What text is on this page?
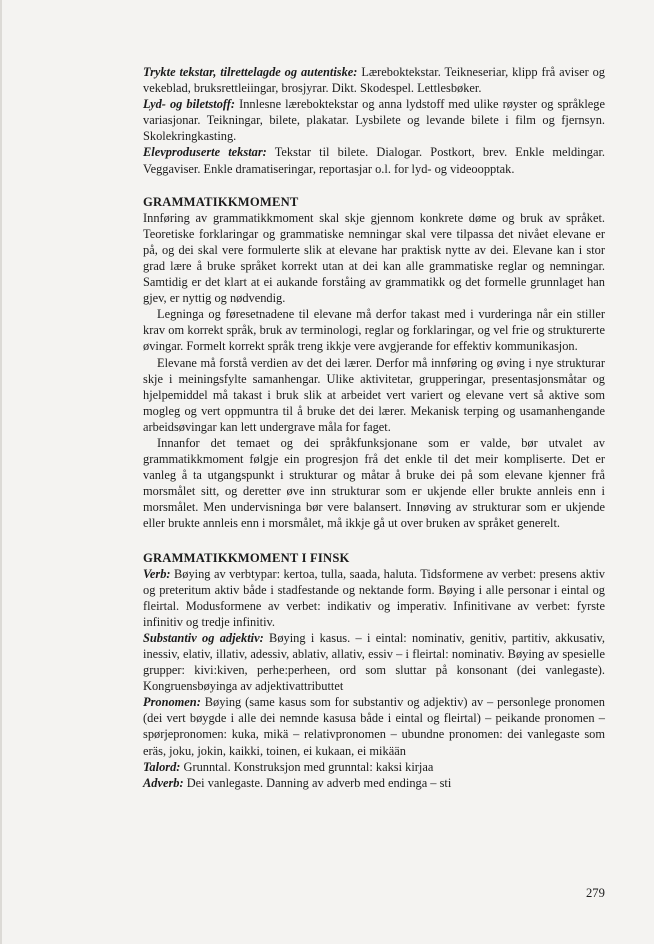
Trykte tekstar, tilrettelagde og autentiske: Læreboktekstar. Teikneseriar, klipp frå aviser og vekeblad, bruksrettleiingar, brosjyrar. Dikt. Skodespel. Lettlesbøker.

Lyd- og biletstoff: Innlesne læreboktekstar og anna lydstoff med ulike røyster og språklege variasjonar. Teikningar, bilete, plakatar. Lysbilete og levande bilete i film og fjernsyn. Skolekringkasting.

Elevproduserte tekstar: Tekstar til bilete. Dialogar. Postkort, brev. Enkle meldingar. Veggaviser. Enkle dramatiseringar, reportasjar o.l. for lyd- og videoopptak.

GRAMMATIKKMOMENT

Innføring av grammatikkmoment skal skje gjennom konkrete døme og bruk av språket. Teoretiske forklaringar og grammatiske nemningar skal vere tilpassa det nivået elevane er på, og dei skal vere formulerte slik at elevane har praktisk nytte av dei. Elevane kan i stor grad lære å bruke språket korrekt utan at dei kan alle grammatiske reglar og nemningar. Samtidig er det klart at ei aukande forståing av grammatikk og det formelle grunnlaget han gjev, er nyttig og nødvendig.

Legninga og føresetnadene til elevane må derfor takast med i vurderinga når ein stiller krav om korrekt språk, bruk av terminologi, reglar og forklaringar, og vel frie og strukturerte øvingar. Formelt korrekt språk treng ikkje vere avgjerande for effektiv kommunikasjon.

Elevane må forstå verdien av det dei lærer. Derfor må innføring og øving i nye strukturar skje i meiningsfylte samanhengar. Ulike aktivitetar, grupperingar, presentasjonsmåtar og hjelpemiddel må takast i bruk slik at arbeidet vert variert og elevane vert så aktive som mogleg og vert oppmuntra til å bruke det dei lærer. Mekanisk terping og usamanhengande arbeidsøvingar kan lett undergrave måla for faget.

Innanfor det temaet og dei språkfunksjonane som er valde, bør utvalet av grammatikkmoment følgje ein progresjon frå det enkle til det meir kompliserte. Det er vanleg å ta utgangspunkt i strukturar og måtar å bruke dei på som elevane kjenner frå morsmålet sitt, og deretter øve inn strukturar som er ukjende eller brukte annleis enn i morsmålet. Men undervisninga bør vere balansert. Innøving av strukturar som er ukjende eller brukte annleis enn i morsmålet, må ikkje gå ut over bruken av språket generelt.

GRAMMATIKKMOMENT I FINSK

Verb: Bøying av verbtypar: kertoa, tulla, saada, haluta. Tidsformene av verbet: presens aktiv og preteritum aktiv både i stadfestande og nektande form. Bøying i alle personar i eintal og fleirtal. Modusformene av verbet: indikativ og imperativ. Infinitivane av verbet: fyrste infinitiv og tredje infinitiv.

Substantiv og adjektiv: Bøying i kasus. – i eintal: nominativ, genitiv, partitiv, akkusativ, inessiv, elativ, illativ, adessiv, ablativ, allativ, essiv – i fleirtal: nominativ. Bøying av spesielle grupper: kivi:kiven, perhe:perheen, ord som sluttar på konsonant (dei vanlegaste). Kongruensbøyinga av adjektivattributtet

Pronomen: Bøying (same kasus som for substantiv og adjektiv) av – personlege pronomen (dei vert bøygde i alle dei nemnde kasusa både i eintal og fleirtal) – peikande pronomen – spørjepronomen: kuka, mikä – relativpronomen – ubundne pronomen: dei vanlegaste som eräs, joku, jokin, kaikki, toinen, ei kukaan, ei mikään

Talord: Grunntal. Konstruksjon med grunntal: kaksi kirjaa

Adverb: Dei vanlegaste. Danning av adverb med endinga – sti

279
